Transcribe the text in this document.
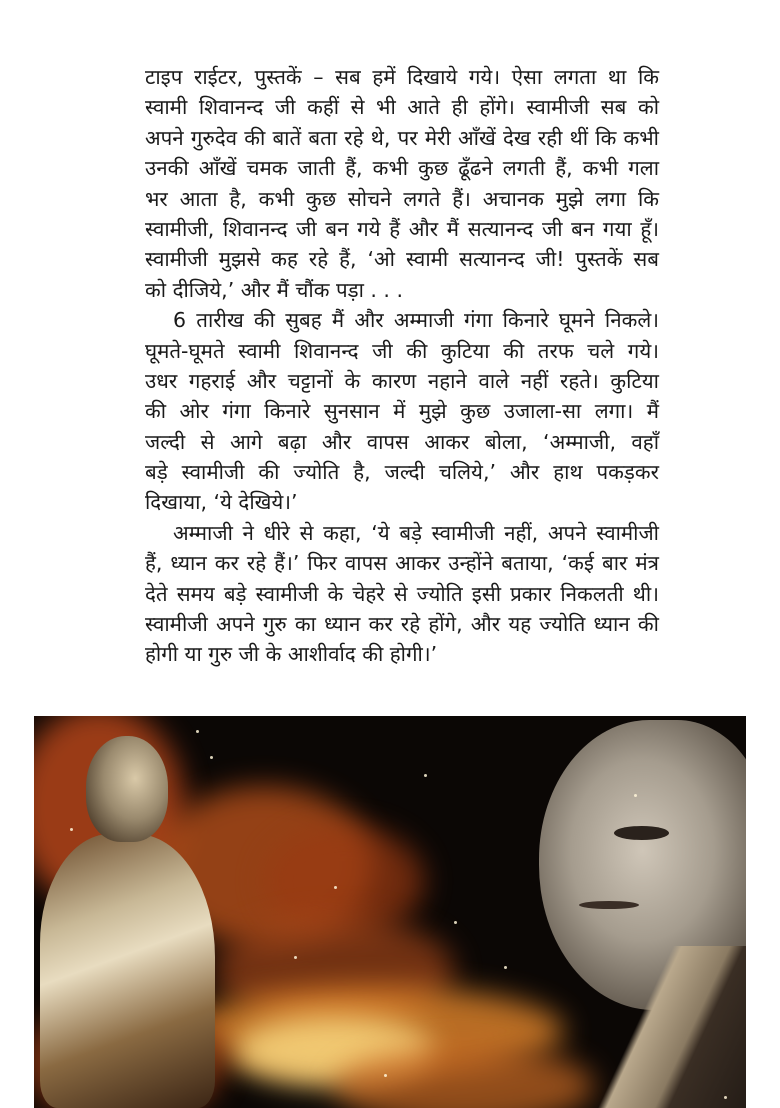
टाइप राईटर, पुस्तकें – सब हमें दिखाये गये। ऐसा लगता था कि
स्वामी शिवानन्द जी कहीं से भी आते ही होंगे। स्वामीजी सब को
अपने गुरुदेव की बातें बता रहे थे, पर मेरी आँखें देख रही थीं कि कभी
उनकी आँखें चमक जाती हैं, कभी कुछ ढूँढने लगती हैं, कभी गला
भर आता है, कभी कुछ सोचने लगते हैं। अचानक मुझे लगा कि
स्वामीजी, शिवानन्द जी बन गये हैं और मैं सत्यानन्द जी बन गया हूँ।
स्वामीजी मुझसे कह रहे हैं, ‘ओ स्वामी सत्यानन्द जी! पुस्तकें सब
को दीजिये,’ और मैं चौंक पड़ा . . .
6 तारीख की सुबह मैं और अम्माजी गंगा किनारे घूमने निकले।
घूमते-घूमते स्वामी शिवानन्द जी की कुटिया की तरफ चले गये।
उधर गहराई और चट्टानों के कारण नहाने वाले नहीं रहते। कुटिया
की ओर गंगा किनारे सुनसान में मुझे कुछ उजाला-सा लगा। मैं
जल्दी से आगे बढ़ा और वापस आकर बोला, ‘अम्माजी, वहाँ
बड़े स्वामीजी की ज्योति है, जल्दी चलिये,’ और हाथ पकड़कर
दिखाया, ‘ये देखिये।’
अम्माजी ने धीरे से कहा, ‘ये बड़े स्वामीजी नहीं, अपने स्वामीजी
हैं, ध्यान कर रहे हैं।’ फिर वापस आकर उन्होंने बताया, ‘कई बार मंत्र
देते समय बड़े स्वामीजी के चेहरे से ज्योति इसी प्रकार निकलती थी।
स्वामीजी अपने गुरु का ध्यान कर रहे होंगे, और यह ज्योति ध्यान की
होगी या गुरु जी के आशीर्वाद की होगी।’
